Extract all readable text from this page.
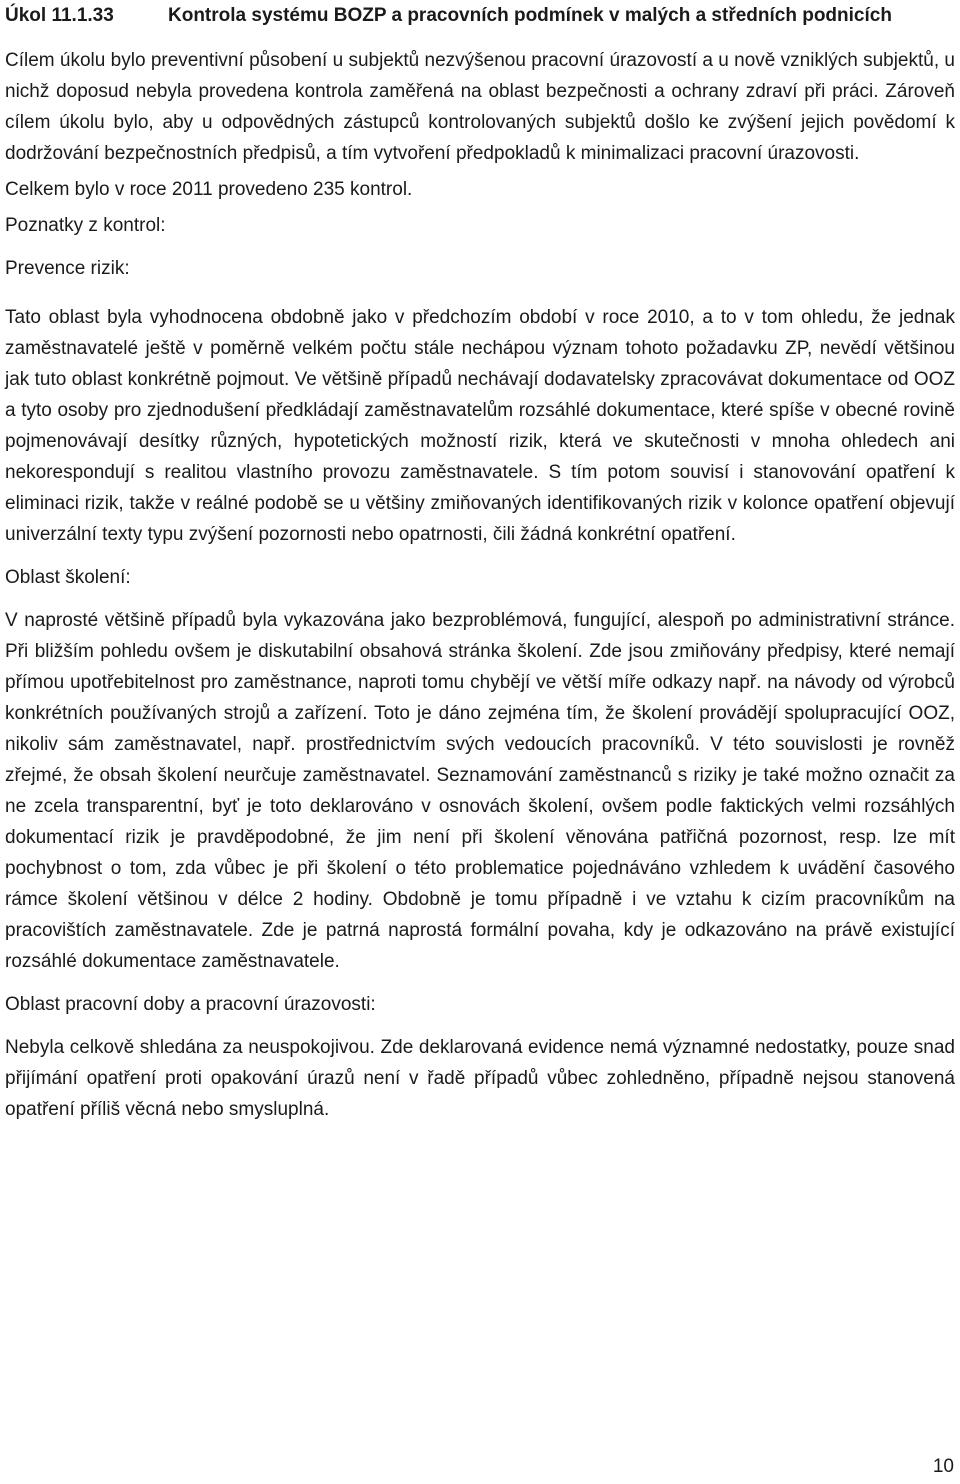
Úkol 11.1.33	Kontrola systému BOZP a pracovních podmínek v malých a středních podnicích

Cílem úkolu bylo preventivní působení u subjektů nezvýšenou pracovní úrazovostí a u nově vzniklých subjektů, u nichž doposud nebyla provedena kontrola zaměřená na oblast bezpečnosti a ochrany zdraví při práci. Zároveň cílem úkolu bylo, aby u odpovědných zástupců kontrolovaných subjektů došlo ke zvýšení jejich povědomí k dodržování bezpečnostních předpisů, a tím vytvoření předpokladů k minimalizaci pracovní úrazovosti.

Celkem bylo v roce 2011 provedeno 235 kontrol.

Poznatky z kontrol:

Prevence rizik:

Tato oblast byla vyhodnocena obdobně jako v předchozím období v roce 2010, a to v tom ohledu, že jednak zaměstnavatelé ještě v poměrně velkém počtu stále nechápou význam tohoto požadavku ZP, nevědí většinou jak tuto oblast konkrétně pojmout. Ve většině případů nechávají dodavatelsky zpracovávat dokumentace od OOZ a tyto osoby pro zjednodušení předkládají zaměstnavatelům rozsáhlé dokumentace, které spíše v obecné rovině pojmenovávají desítky různých, hypotetických možností rizik, která ve skutečnosti v mnoha ohledech ani nekorespondují s realitou vlastního provozu zaměstnavatele. S tím potom souvisí i stanovování opatření k eliminaci rizik, takže v reálné podobě se u většiny zmiňovaných identifikovaných rizik v kolonce opatření objevují univerzální texty typu zvýšení pozornosti nebo opatrnosti, čili žádná konkrétní opatření.

Oblast školení:

V naprosté většině případů byla vykazována jako bezproblémová, fungující, alespoň po administrativní stránce. Při bližším pohledu ovšem je diskutabilní obsahová stránka školení. Zde jsou zmiňovány předpisy, které nemají přímou upotřebitelnost pro zaměstnance, naproti tomu chybějí ve větší míře odkazy např. na návody od výrobců konkrétních používaných strojů a zařízení. Toto je dáno zejména tím, že školení provádějí spolupracující OOZ, nikoliv sám zaměstnavatel, např. prostřednictvím svých vedoucích pracovníků. V této souvislosti je rovněž zřejmé, že obsah školení neurčuje zaměstnavatel. Seznamování zaměstnanců s riziky je také možno označit za ne zcela transparentní, byť je toto deklarováno v osnovách školení, ovšem podle faktických velmi rozsáhlých dokumentací rizik je pravděpodobné, že jim není při školení věnována patřičná pozornost, resp. lze mít pochybnost o tom, zda vůbec je při školení o této problematice pojednáváno vzhledem k uvádění časového rámce školení většinou v délce 2 hodiny. Obdobně je tomu případně i ve vztahu k cizím pracovníkům na pracovištích zaměstnavatele. Zde je patrná naprostá formální povaha, kdy je odkazováno na právě existující rozsáhlé dokumentace zaměstnavatele.

Oblast pracovní doby a pracovní úrazovosti:

Nebyla celkově shledána za neuspokojivou. Zde deklarovaná evidence nemá významné nedostatky, pouze snad přijímání opatření proti opakování úrazů není v řadě případů vůbec zohledněno, případně nejsou stanovená opatření příliš věcná nebo smysluplná.

10
